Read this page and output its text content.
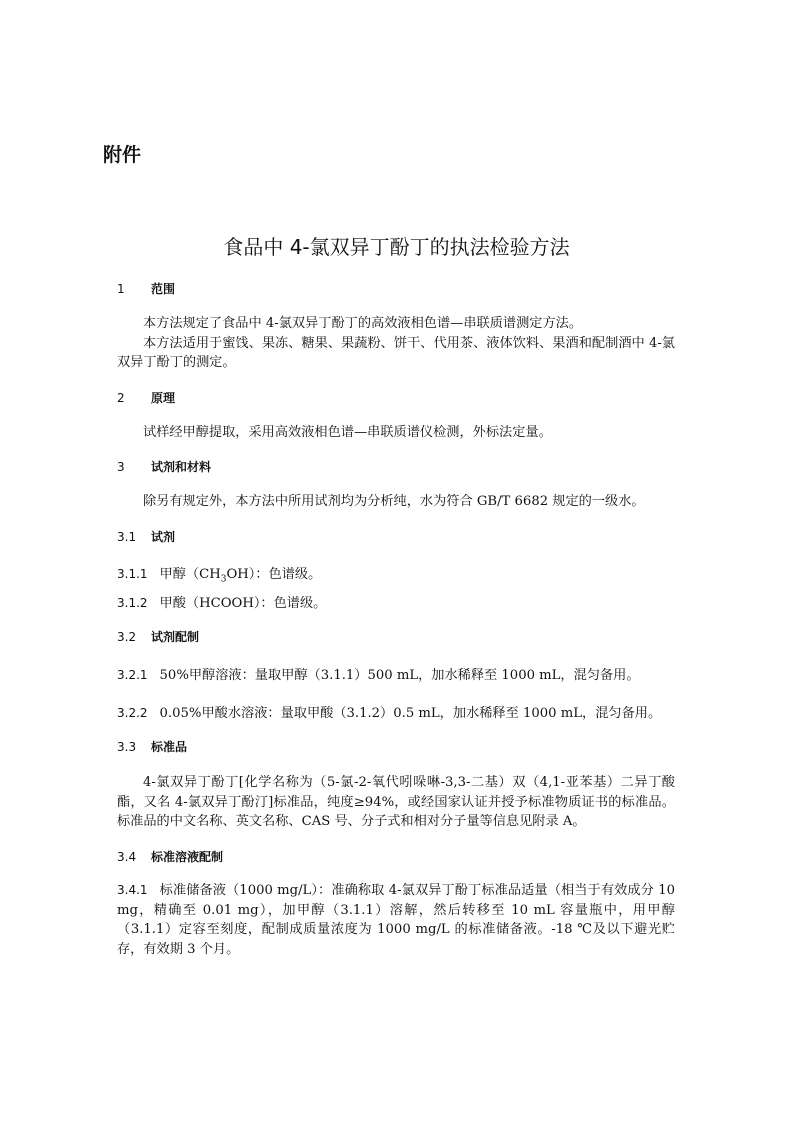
附件
食品中 4-氯双异丁酚丁的执法检验方法
1 范围
本方法规定了食品中 4-氯双异丁酚丁的高效液相色谱—串联质谱测定方法。
本方法适用于蜜饯、果冻、糖果、果蔬粉、饼干、代用茶、液体饮料、果酒和配制酒中 4-氯双异丁酚丁的测定。
2 原理
试样经甲醇提取，采用高效液相色谱—串联质谱仪检测，外标法定量。
3 试剂和材料
除另有规定外，本方法中所用试剂均为分析纯，水为符合 GB/T 6682 规定的一级水。
3.1 试剂
3.1.1 甲醇$(CH_3OH)$：色谱级。
3.1.2 甲酸（HCOOH）：色谱级。
3.2 试剂配制
3.2.1 50%甲醇溶液：量取甲醇（3.1.1）500 mL，加水稀释至 1000 mL，混匀备用。
3.2.2 0.05%甲酸水溶液：量取甲酸（3.1.2）0.5 mL，加水稀释至 1000 mL，混匀备用。
3.3 标准品
4-氯双异丁酚丁[化学名称为（5-氯-2-氧代吲哚啉-3,3-二基）双（4,1-亚苯基）二异丁酸酯，又名 4-氯双异丁酚汀]标准品，纯度≥94%，或经国家认证并授予标准物质证书的标准品。标准品的中文名称、英文名称、CAS 号、分子式和相对分子量等信息见附录 A。
3.4 标准溶液配制
3.4.1 标准储备液（1000 mg/L）：准确称取 4-氯双异丁酚丁标准品适量（相当于有效成分 10 mg，精确至 0.01 mg），加甲醇（3.1.1）溶解，然后转移至 10 mL 容量瓶中，用甲醇（3.1.1）定容至刻度，配制成质量浓度为 1000 mg/L 的标准储备液。-18 ℃及以下避光贮存，有效期 3 个月。
